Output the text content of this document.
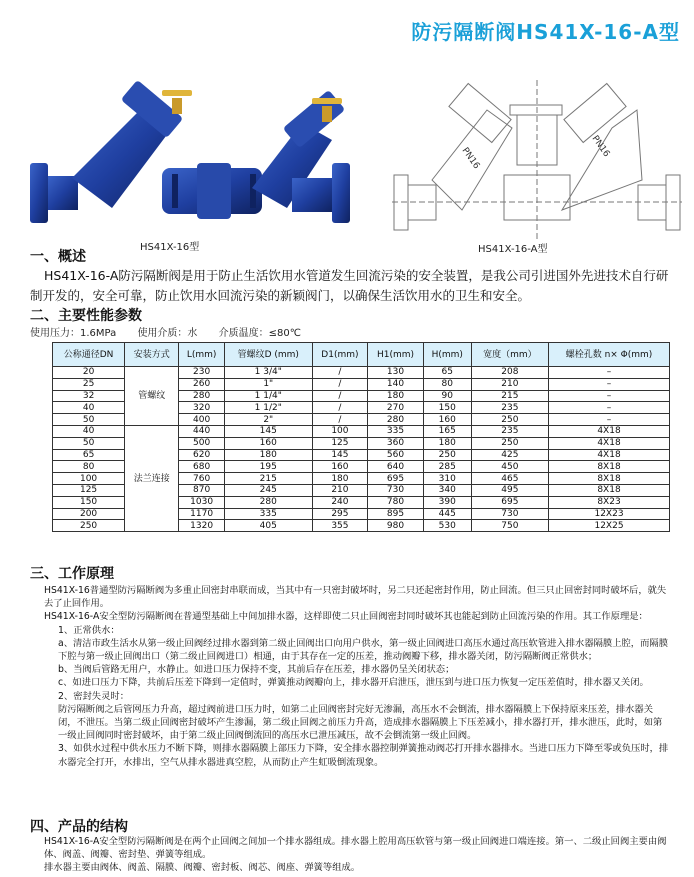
防污隔断阀HS41X-16-A型
PN16	PN16
HS41X-16型	HS41X-16-A型
一、概述
HS41X-16-A防污隔断阀是用于防止生活饮用水管道发生回流污染的安全装置，是我公司引进国外先进技术自行研制开发的，安全可靠，防止饮用水回流污染的新颖阀门，以确保生活饮用水的卫生和安全。
二、主要性能参数
使用压力：1.6MPa 使用介质：水 介质温度：≤80℃
公称通径DN	安装方式	L(mm)	管螺纹D (mm)	D1(mm)	H1(mm)	H(mm)	宽度（mm）	螺栓孔数 n× Φ(mm)
20	管螺纹	230	1 3/4"	/	130	65	208	–
25		260	1"	/	140	80	210	–
32		280	1 1/4"	/	180	90	215	–
40		320	1 1/2"	/	270	150	235	–
50		400	2"	/	280	160	250	–
40	法兰连接	440	145	100	335	165	235	4X18
50		500	160	125	360	180	250	4X18
65		620	180	145	560	250	425	4X18
80		680	195	160	640	285	450	8X18
100		760	215	180	695	310	465	8X18
125		870	245	210	730	340	495	8X18
150		1030	280	240	780	390	695	8X23
200		1170	335	295	895	445	730	12X23
250		1320	405	355	980	530	750	12X25
三、工作原理

HS41X-16普通型防污隔断阀为多重止回密封串联而成，当其中有一只密封破坏时，另二只还起密封作用，防止回流。但三只止回密封同时破坏后，就失去了止回作用。

HS41X-16-A安全型防污隔断阀在普通型基础上中间加排水器，这样即使二只止回阀密封同时破坏其也能起到防止回流污染的作用。其工作原理是：

1、正常供水：

a、清洁市政生活水从第一级止回阀经过排水器到第二级止回阀出口向用户供水，第一级止回阀进口高压水通过高压软管进入排水器隔膜上腔，而隔膜下腔与第一级止回阀出口（第二级止回阀进口）相通，由于其存在一定的压差，推动阀瓣下移，排水器关闭，防污隔断阀正常供水；

b、当阀后管路无用户，水静止。如进口压力保持不变，其前后存在压差，排水器仍呈关闭状态；

c、如进口压力下降，共前后压差下降到一定值时，弹簧推动阀瓣向上，排水器开启泄压，泄压到与进口压力恢复一定压差值时，排水器又关闭。

2、密封失灵时：

防污隔断阀之后管网压力升高，超过阀前进口压力时，如第二止回阀密封完好无渗漏，高压水不会倒流，排水器隔膜上下保持原来压差，排水器关闭，不泄压。当第二级止回阀密封破坏产生渗漏，第二级止回阀之前压力升高，造成排水器隔膜上下压差减小，排水器打开，排水泄压，此时，如第一级止回阀同时密封破坏，由于第二级止回阀倒流回的高压水已泄压减压，故不会倒流第一级止回阀。

3、如供水过程中供水压力不断下降，则排水器隔膜上部压力下降，安全排水器控制弹簧推动阀芯打开排水器排水。当进口压力下降至零或负压时，排水器完全打开，水排出，空气从排水器进真空腔，从而防止产生虹吸倒流现象。

四、产品的结构

HS41X-16-A安全型防污隔断阀是在两个止回阀之间加一个排水器组成。排水器上腔用高压软管与第一级止回阀进口端连接。第一、二级止回阀主要由阀体、阀盖、阀瓣、密封垫、弹簧等组成。

排水器主要由阀体、阀盖、隔膜、阀瓣、密封板、阀芯、阀座、弹簧等组成。
